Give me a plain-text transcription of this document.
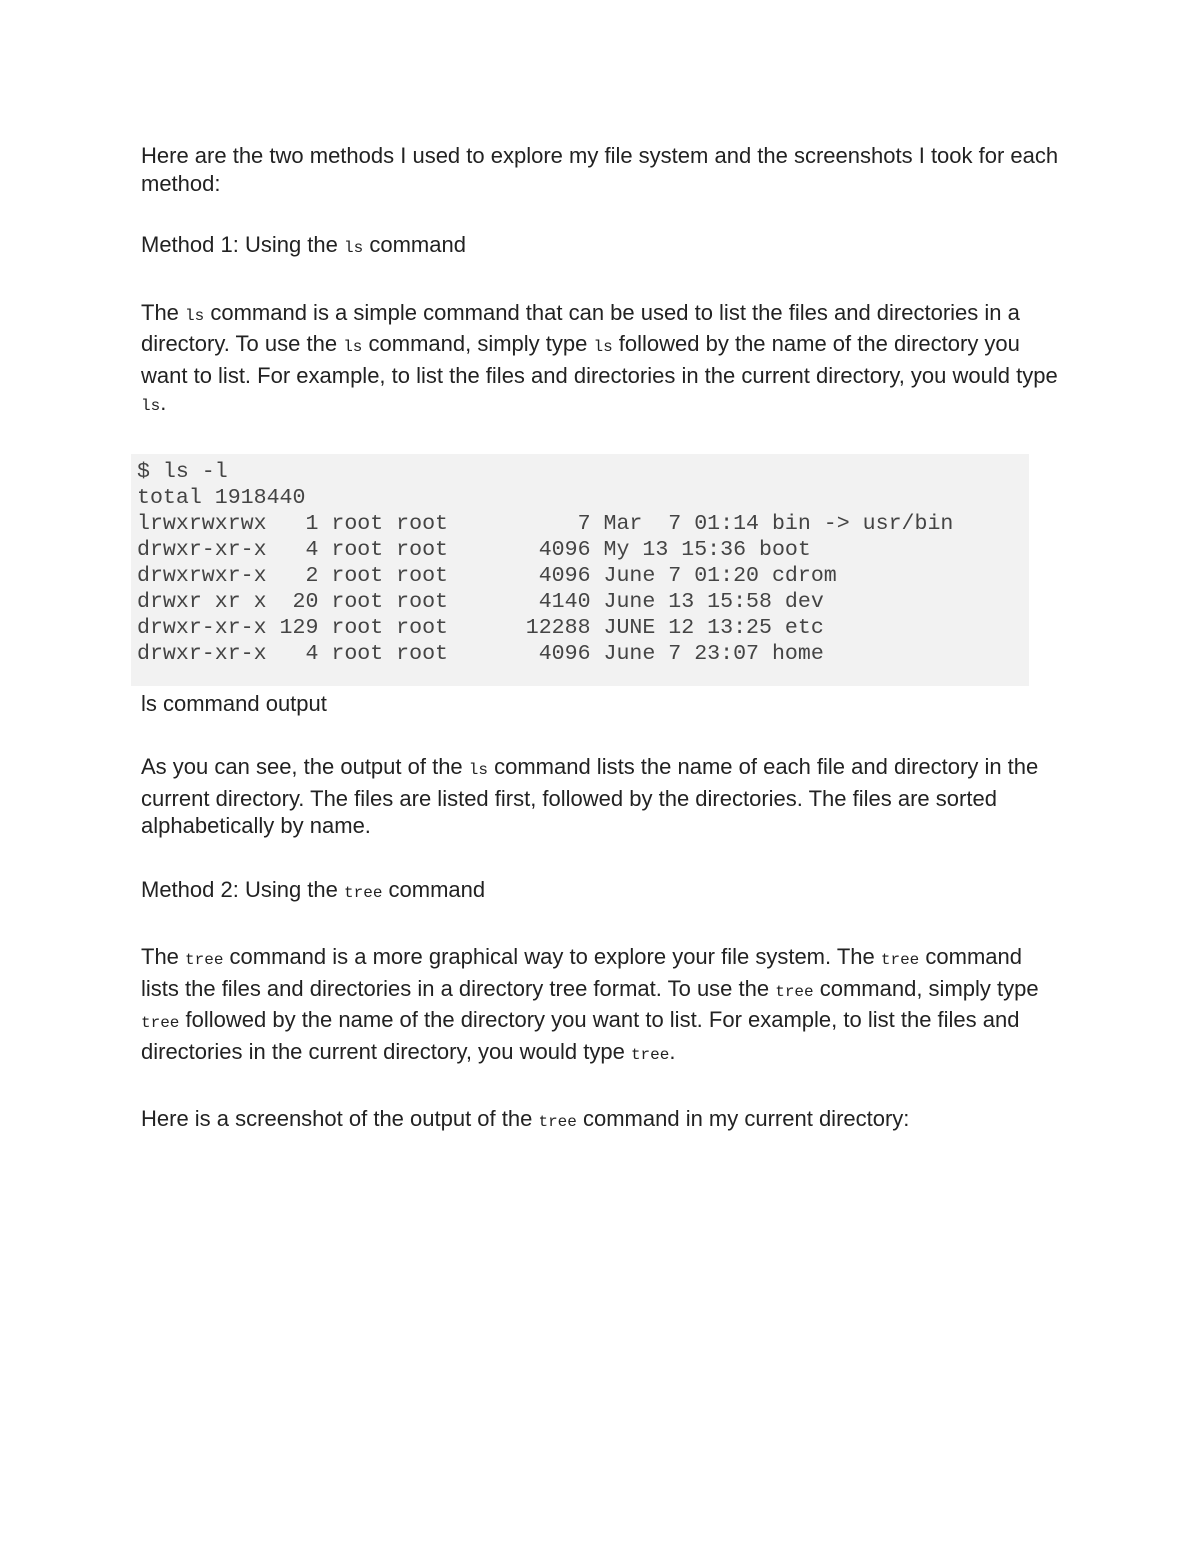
Here are the two methods I used to explore my file system and the screenshots I took for each method:

Method 1: Using the ls command

The ls command is a simple command that can be used to list the files and directories in a directory. To use the ls command, simply type ls followed by the name of the directory you want to list. For example, to list the files and directories in the current directory, you would type ls.

$ ls -l
total 1918440
lrwxrwxrwx   1 root root          7 Mar  7 01:14 bin -> usr/bin
drwxr-xr-x   4 root root       4096 My 13 15:36 boot
drwxrwxr-x   2 root root       4096 June 7 01:20 cdrom
drwxr xr x  20 root root       4140 June 13 15:58 dev
drwxr-xr-x 129 root root      12288 JUNE 12 13:25 etc
drwxr-xr-x   4 root root       4096 June 7 23:07 home

ls command output

As you can see, the output of the ls command lists the name of each file and directory in the current directory. The files are listed first, followed by the directories. The files are sorted alphabetically by name.

Method 2: Using the tree command

The tree command is a more graphical way to explore your file system. The tree command lists the files and directories in a directory tree format. To use the tree command, simply type tree followed by the name of the directory you want to list. For example, to list the files and directories in the current directory, you would type tree.

Here is a screenshot of the output of the tree command in my current directory:
